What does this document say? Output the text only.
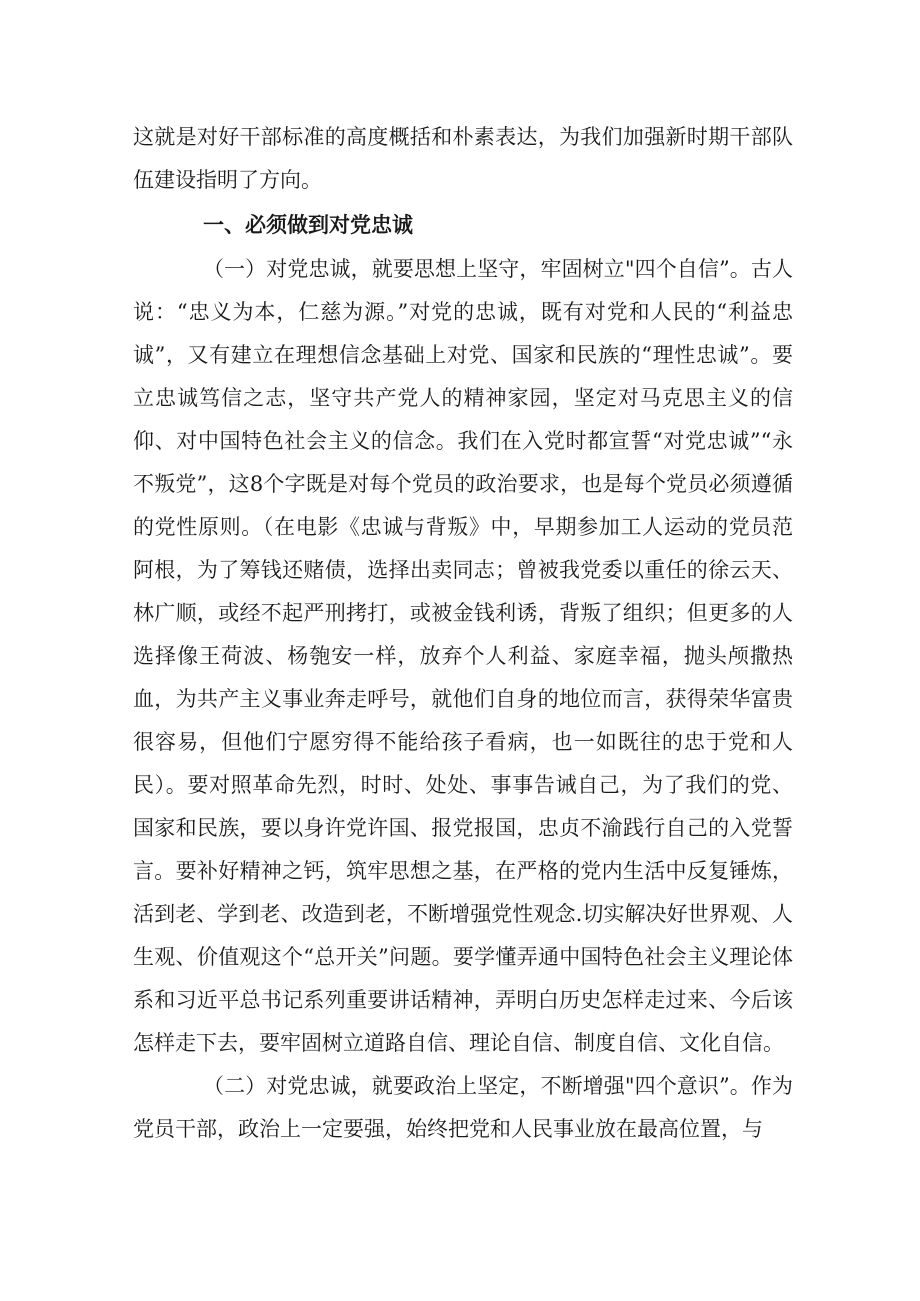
这就是对好干部标准的高度概括和朴素表达，为我们加强新时期干部队伍建设指明了方向。

一、必须做到对党忠诚

（一）对党忠诚，就要思想上坚守，牢固树立"四个自信”。古人说：“忠义为本，仁慈为源。”对党的忠诚，既有对党和人民的“利益忠诚”，又有建立在理想信念基础上对党、国家和民族的“理性忠诚”。要立忠诚笃信之志，坚守共产党人的精神家园，坚定对马克思主义的信仰、对中国特色社会主义的信念。我们在入党时都宣誓“对党忠诚”“永不叛党”，这8个字既是对每个党员的政治要求，也是每个党员必须遵循的党性原则。（在电影《忠诚与背叛》中，早期参加工人运动的党员范阿根，为了筹钱还赌债，选择出卖同志；曾被我党委以重任的徐云天、林广顺，或经不起严刑拷打，或被金钱利诱，背叛了组织；但更多的人选择像王荷波、杨匏安一样，放弃个人利益、家庭幸福，抛头颅撒热血，为共产主义事业奔走呼号，就他们自身的地位而言，获得荣华富贵很容易，但他们宁愿穷得不能给孩子看病，也一如既往的忠于党和人民）。要对照革命先烈，时时、处处、事事告诫自己，为了我们的党、国家和民族，要以身许党许国、报党报国，忠贞不渝践行自己的入党誓言。要补好精神之钙，筑牢思想之基，在严格的党内生活中反复锤炼，活到老、学到老、改造到老，不断增强党性观念.切实解决好世界观、人生观、价值观这个“总开关”问题。要学懂弄通中国特色社会主义理论体系和习近平总书记系列重要讲话精神，弄明白历史怎样走过来、今后该怎样走下去，要牢固树立道路自信、理论自信、制度自信、文化自信。

（二）对党忠诚，就要政治上坚定，不断增强"四个意识”。作为党员干部，政治上一定要强，始终把党和人民事业放在最高位置，与
